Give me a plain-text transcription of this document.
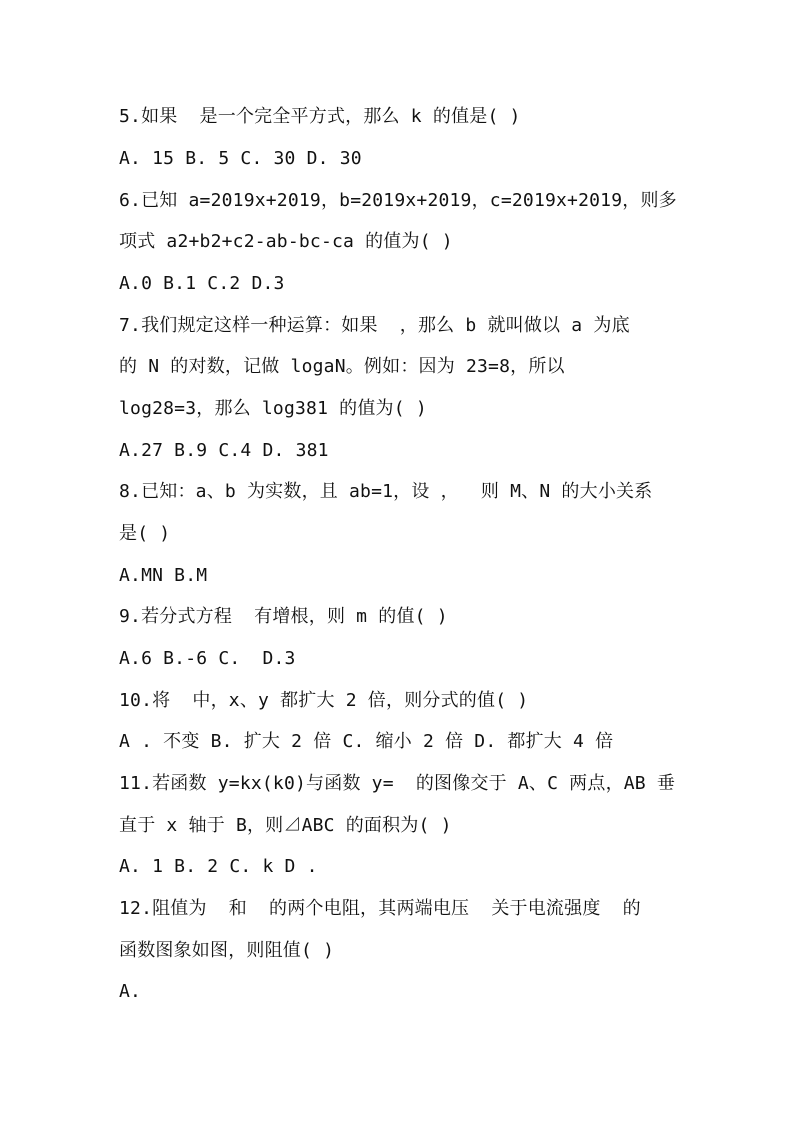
5.如果  是一个完全平方式，那么 k 的值是( )
A. 15 B. 5 C. 30 D. 30
6.已知 a=2019x+2019，b=2019x+2019，c=2019x+2019，则多
项式 a2+b2+c2-ab-bc-ca 的值为( )
A.0 B.1 C.2 D.3
7.我们规定这样一种运算：如果  ，那么 b 就叫做以 a 为底
的 N 的对数，记做 logaN。例如：因为 23=8，所以
log28=3，那么 log381 的值为( )
A.27 B.9 C.4 D. 381
8.已知：a、b 为实数，且 ab=1，设 ，  则 M、N 的大小关系
是( )
A.MN B.M
9.若分式方程  有增根，则 m 的值( )
A.6 B.-6 C.  D.3
10.将  中，x、y 都扩大 2 倍，则分式的值( )
A . 不变 B. 扩大 2 倍 C. 缩小 2 倍 D. 都扩大 4 倍
11.若函数 y=kx(k0)与函数 y=  的图像交于 A、C 两点，AB 垂
直于 x 轴于 B，则⊿ABC 的面积为( )
A. 1 B. 2 C. k D .
12.阻值为  和  的两个电阻，其两端电压  关于电流强度  的
函数图象如图，则阻值( )
A.
